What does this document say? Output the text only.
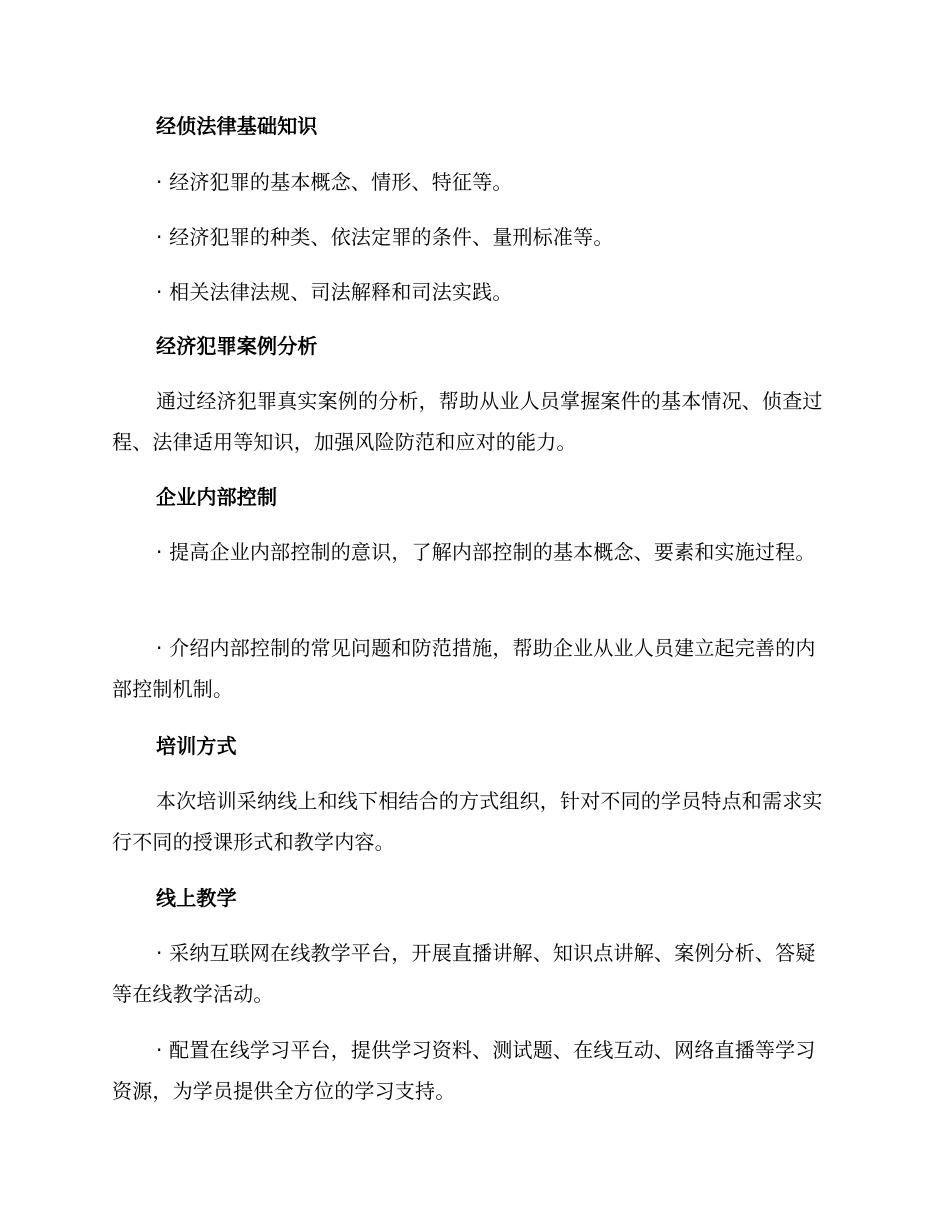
经侦法律基础知识

· 经济犯罪的基本概念、情形、特征等。

· 经济犯罪的种类、依法定罪的条件、量刑标准等。

· 相关法律法规、司法解释和司法实践。

经济犯罪案例分析

通过经济犯罪真实案例的分析，帮助从业人员掌握案件的基本情况、侦查过程、法律适用等知识，加强风险防范和应对的能力。

企业内部控制

· 提高企业内部控制的意识，了解内部控制的基本概念、要素和实施过程。

· 介绍内部控制的常见问题和防范措施，帮助企业从业人员建立起完善的内部控制机制。

培训方式

本次培训采纳线上和线下相结合的方式组织，针对不同的学员特点和需求实行不同的授课形式和教学内容。

线上教学

· 采纳互联网在线教学平台，开展直播讲解、知识点讲解、案例分析、答疑等在线教学活动。

· 配置在线学习平台，提供学习资料、测试题、在线互动、网络直播等学习资源，为学员提供全方位的学习支持。
